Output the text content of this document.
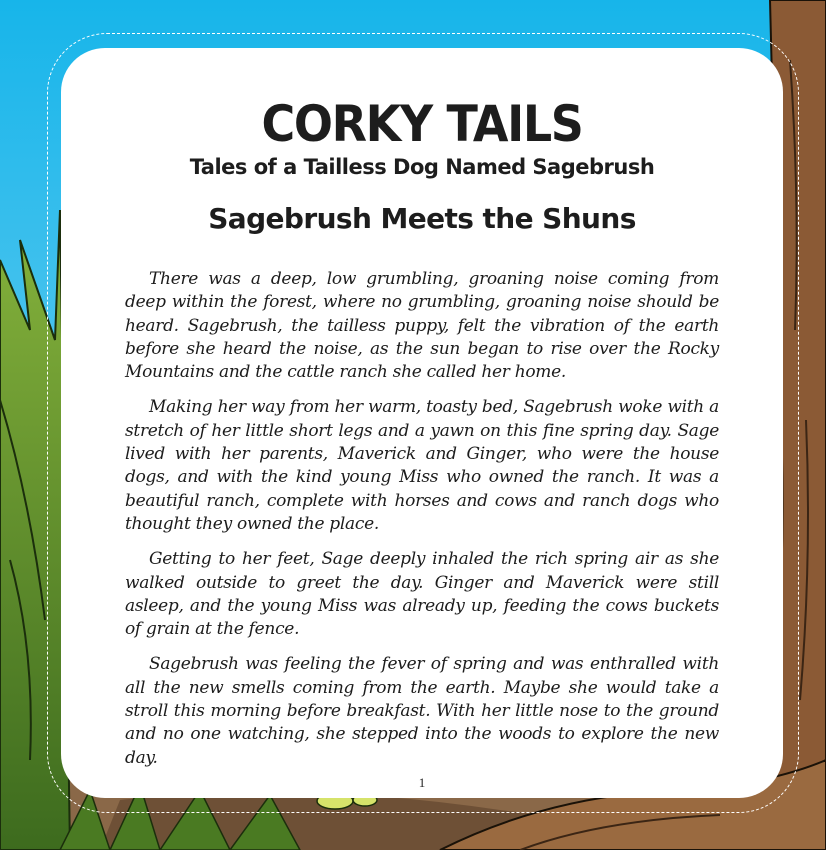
CORKY TAILS
Tales of a Tailless Dog Named Sagebrush
Sagebrush Meets the Shuns

There was a deep, low grumbling, groaning noise coming from deep within the forest, where no grumbling, groaning noise should be heard. Sagebrush, the tailless puppy, felt the vibration of the earth before she heard the noise, as the sun began to rise over the Rocky Mountains and the cattle ranch she called her home.

Making her way from her warm, toasty bed, Sagebrush woke with a stretch of her little short legs and a yawn on this fine spring day. Sage lived with her parents, Maverick and Ginger, who were the house dogs, and with the kind young Miss who owned the ranch. It was a beautiful ranch, complete with horses and cows and ranch dogs who thought they owned the place.

Getting to her feet, Sage deeply inhaled the rich spring air as she walked outside to greet the day. Ginger and Maverick were still asleep, and the young Miss was already up, feeding the cows buckets of grain at the fence.

Sagebrush was feeling the fever of spring and was enthralled with all the new smells coming from the earth. Maybe she would take a stroll this morning before breakfast. With her little nose to the ground and no one watching, she stepped into the woods to explore the new day.

1
